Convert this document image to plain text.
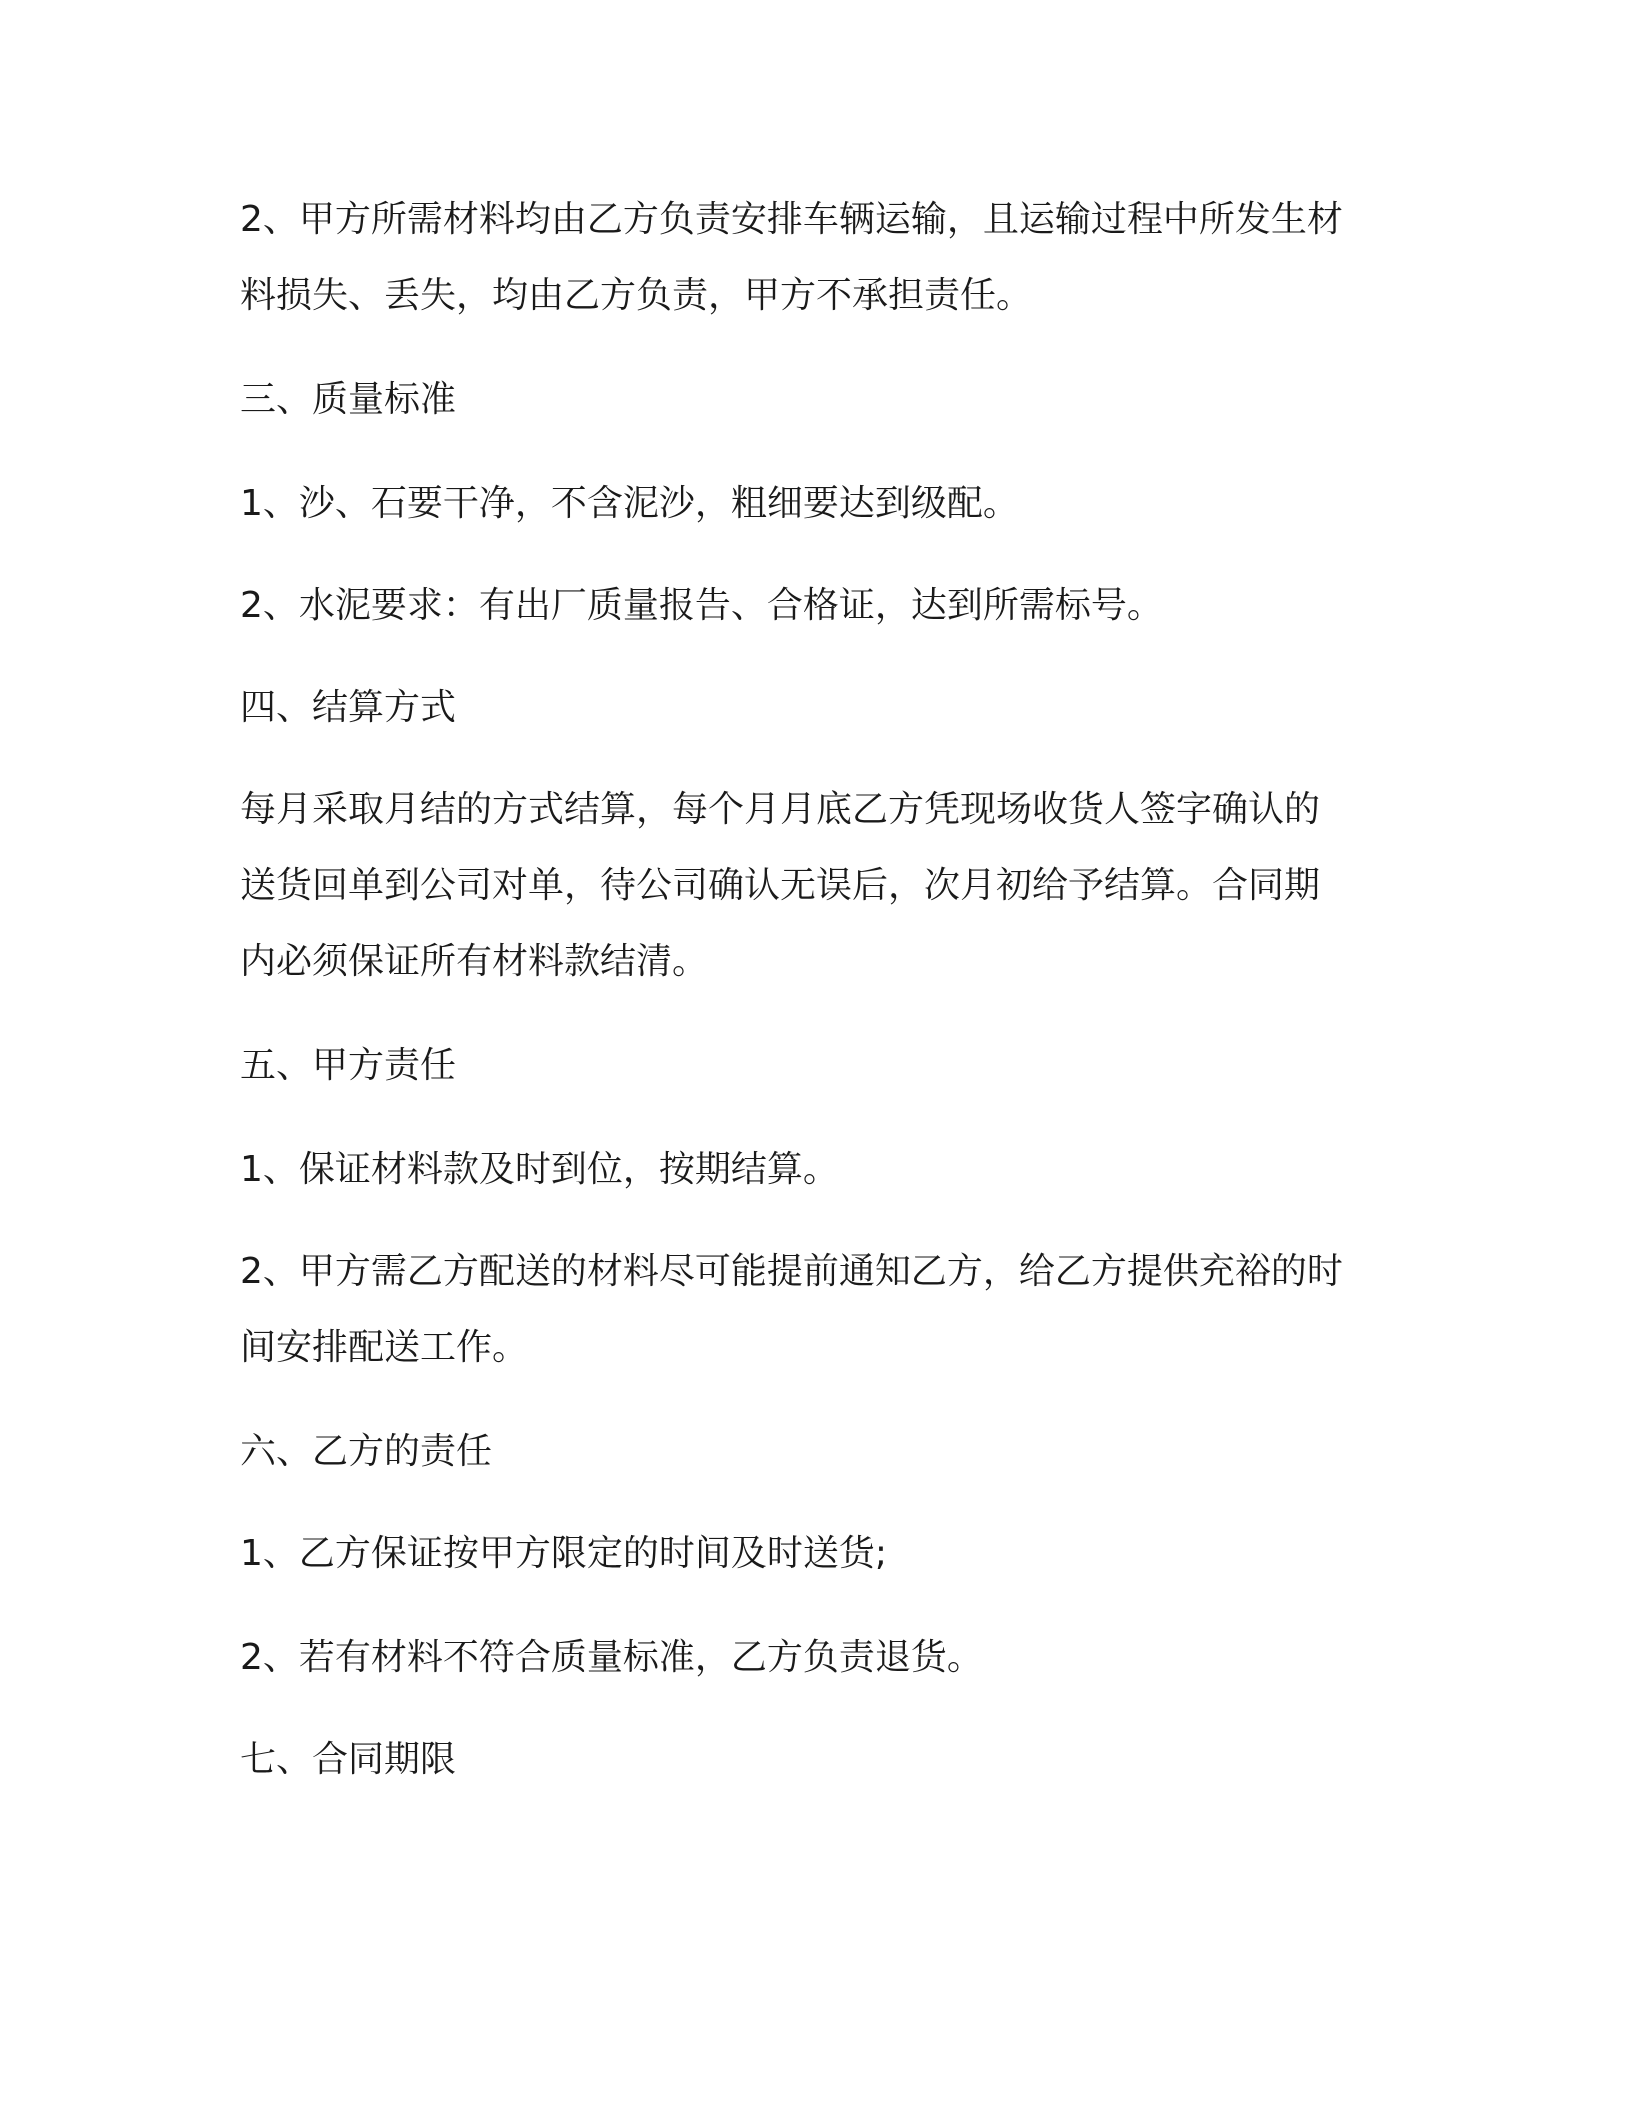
2、甲方所需材料均由乙方负责安排车辆运输，且运输过程中所发生材

料损失、丢失，均由乙方负责，甲方不承担责任。

三、质量标准

1、沙、石要干净，不含泥沙，粗细要达到级配。

2、水泥要求：有出厂质量报告、合格证，达到所需标号。

四、结算方式

每月采取月结的方式结算，每个月月底乙方凭现场收货人签字确认的

送货回单到公司对单，待公司确认无误后，次月初给予结算。合同期

内必须保证所有材料款结清。

五、甲方责任

1、保证材料款及时到位，按期结算。

2、甲方需乙方配送的材料尽可能提前通知乙方，给乙方提供充裕的时

间安排配送工作。

六、乙方的责任

1、乙方保证按甲方限定的时间及时送货;

2、若有材料不符合质量标准，乙方负责退货。

七、合同期限
